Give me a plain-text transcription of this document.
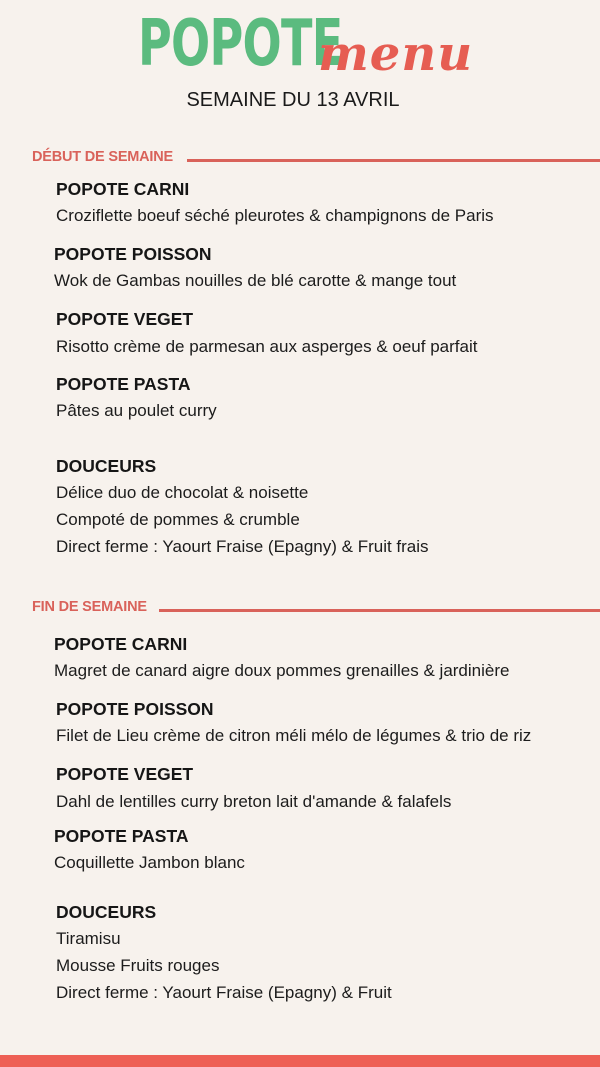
POPOTE
menu
SEMAINE DU 13 AVRIL
DÉBUT DE SEMAINE
POPOTE CARNI
Croziflette boeuf séché pleurotes & champignons de Paris
POPOTE POISSON
Wok de Gambas nouilles de blé carotte & mange tout
POPOTE VEGET
Risotto crème de parmesan aux asperges & oeuf parfait
POPOTE PASTA
Pâtes au poulet curry
DOUCEURS
Délice duo de chocolat & noisette
Compoté de pommes & crumble
Direct ferme : Yaourt Fraise (Epagny) & Fruit frais
FIN DE SEMAINE
POPOTE CARNI
Magret de canard aigre doux pommes grenailles & jardinière
POPOTE POISSON
Filet de Lieu crème de citron méli mélo de légumes & trio de riz
POPOTE VEGET
Dahl de lentilles curry breton lait d'amande & falafels
POPOTE PASTA
Coquillette Jambon blanc
DOUCEURS
Tiramisu
Mousse Fruits rouges
Direct ferme : Yaourt Fraise (Epagny) & Fruit
